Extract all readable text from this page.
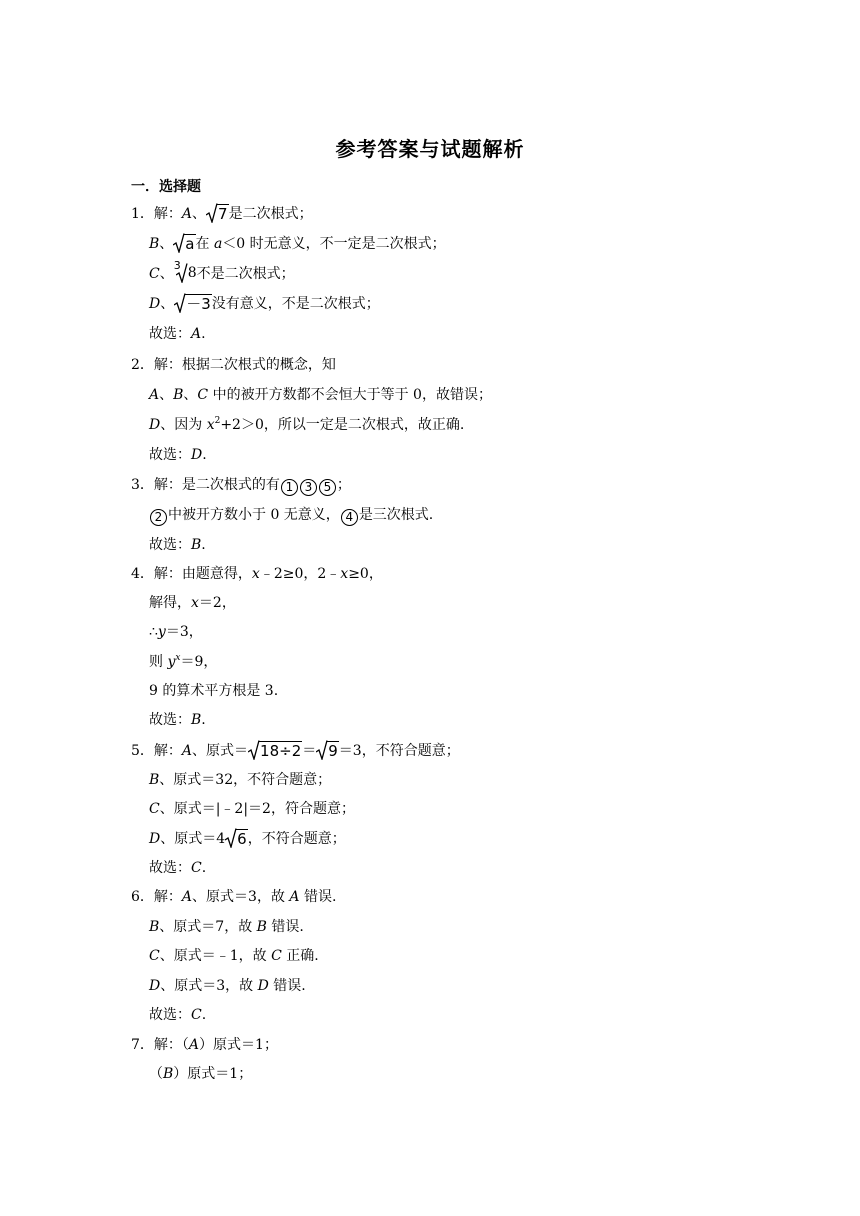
参考答案与试题解析
一．选择题
1．解：A、 7 是二次根式；
B、 a 在 a＜0 时无意义，不一定是二次根式；
C、
3 8 不是二次根式；
D、 －3 没有意义，不是二次根式；
故选：A.
2．解：根据二次根式的概念，知
A、B、C 中的被开方数都不会恒大于等于 0，故错误；
D、因为 $x^2+2>0$，所以一定是二次根式，故正确.
故选：D.
3．解：是二次根式的有 1 3 5 ；
2 中被开方数小于 0 无意义， 4 是三次根式.
故选：B.
4．解：由题意得，x﹣2≥0，2﹣x≥0，
解得，x＝2，
∴y＝3，
则 $y^x=9$，
9 的算术平方根是 3.
故选：B.
5．解：A、原式＝ 18÷2 ＝ 9 ＝3，不符合题意；
B、原式＝32，不符合题意；
C、原式＝|﹣2|＝2，符合题意；
D、原式＝4 6 ，不符合题意；
故选：C.
6．解：A、原式＝3，故 A 错误.
B、原式＝7，故 B 错误.
C、原式＝﹣1，故 C 正确.
D、原式＝3，故 D 错误.
故选：C.
7．解：（A）原式＝1；
（B）原式＝1；
